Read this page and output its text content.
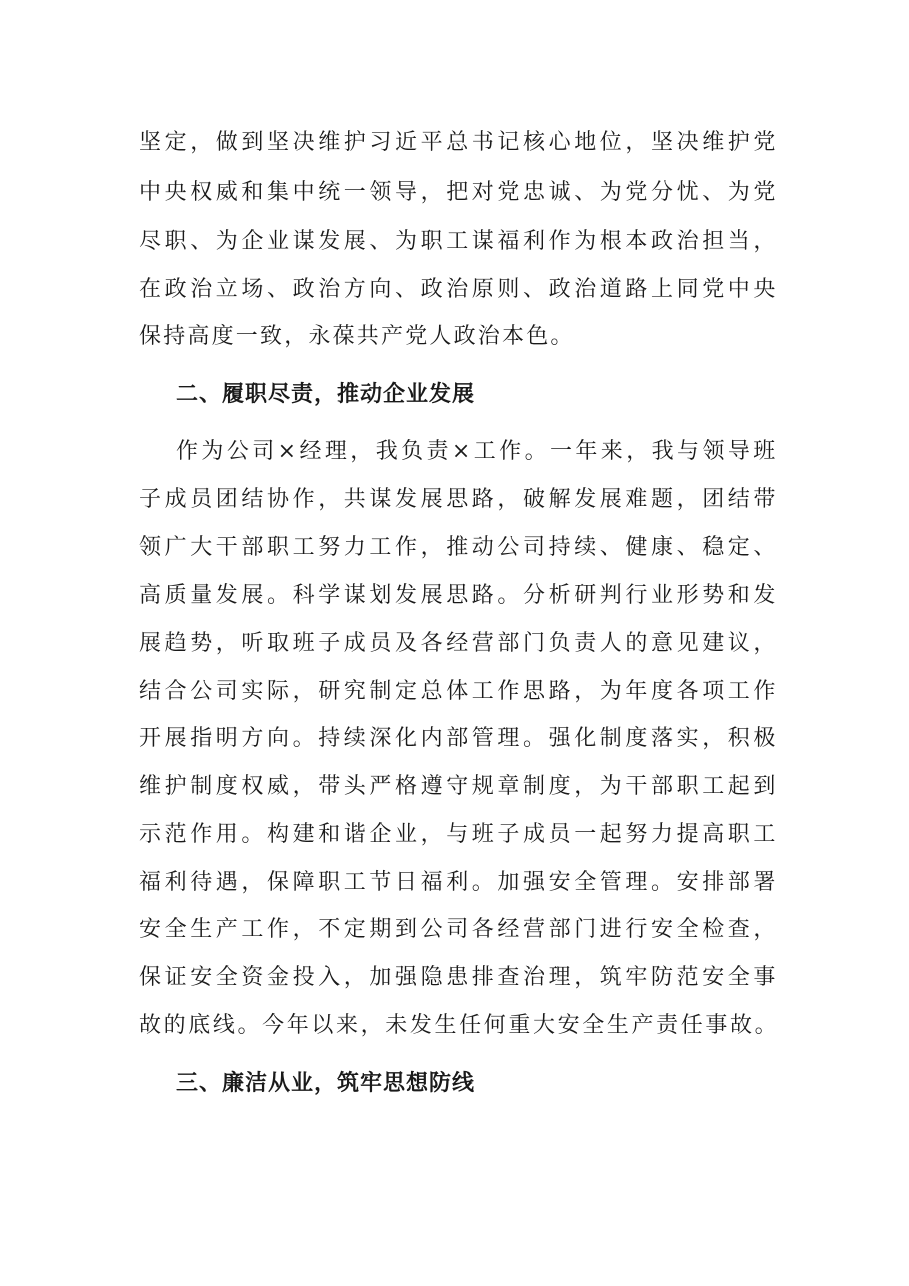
坚定，做到坚决维护习近平总书记核心地位，坚决维护党
中央权威和集中统一领导，把对党忠诚、为党分忧、为党
尽职、为企业谋发展、为职工谋福利作为根本政治担当，
在政治立场、政治方向、政治原则、政治道路上同党中央
保持高度一致，永葆共产党人政治本色。
二、履职尽责，推动企业发展
作为公司×经理，我负责×工作。一年来，我与领导班
子成员团结协作，共谋发展思路，破解发展难题，团结带
领广大干部职工努力工作，推动公司持续、健康、稳定、
高质量发展。科学谋划发展思路。分析研判行业形势和发
展趋势，听取班子成员及各经营部门负责人的意见建议，
结合公司实际，研究制定总体工作思路，为年度各项工作
开展指明方向。持续深化内部管理。强化制度落实，积极
维护制度权威，带头严格遵守规章制度，为干部职工起到
示范作用。构建和谐企业，与班子成员一起努力提高职工
福利待遇，保障职工节日福利。加强安全管理。安排部署
安全生产工作，不定期到公司各经营部门进行安全检查，
保证安全资金投入，加强隐患排查治理，筑牢防范安全事
故的底线。今年以来，未发生任何重大安全生产责任事故。
三、廉洁从业，筑牢思想防线
